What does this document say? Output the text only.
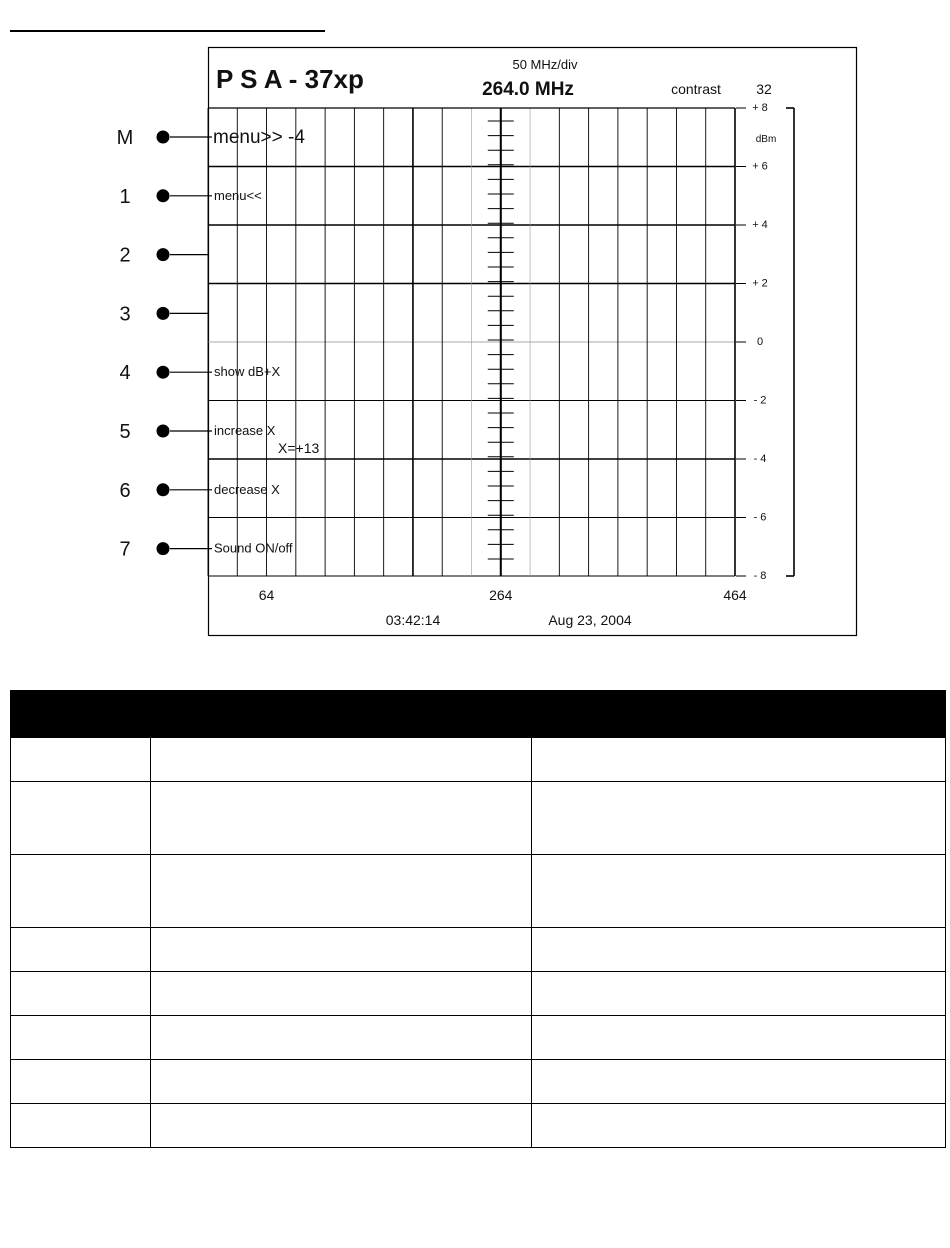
P S A - 37xp	50 MHz/div
264.0 MHz	contrast	32
dBm
+ 8
+ 6
+ 4
+ 2
0
- 2
- 4
- 6
- 8
64	264	464
X=+13
03:42:14	Aug 23, 2004
M	menu>> -4
1	menu<<
2
3
4	show dB+X
5	increase X
6	decrease X
7	Sound ON/off
